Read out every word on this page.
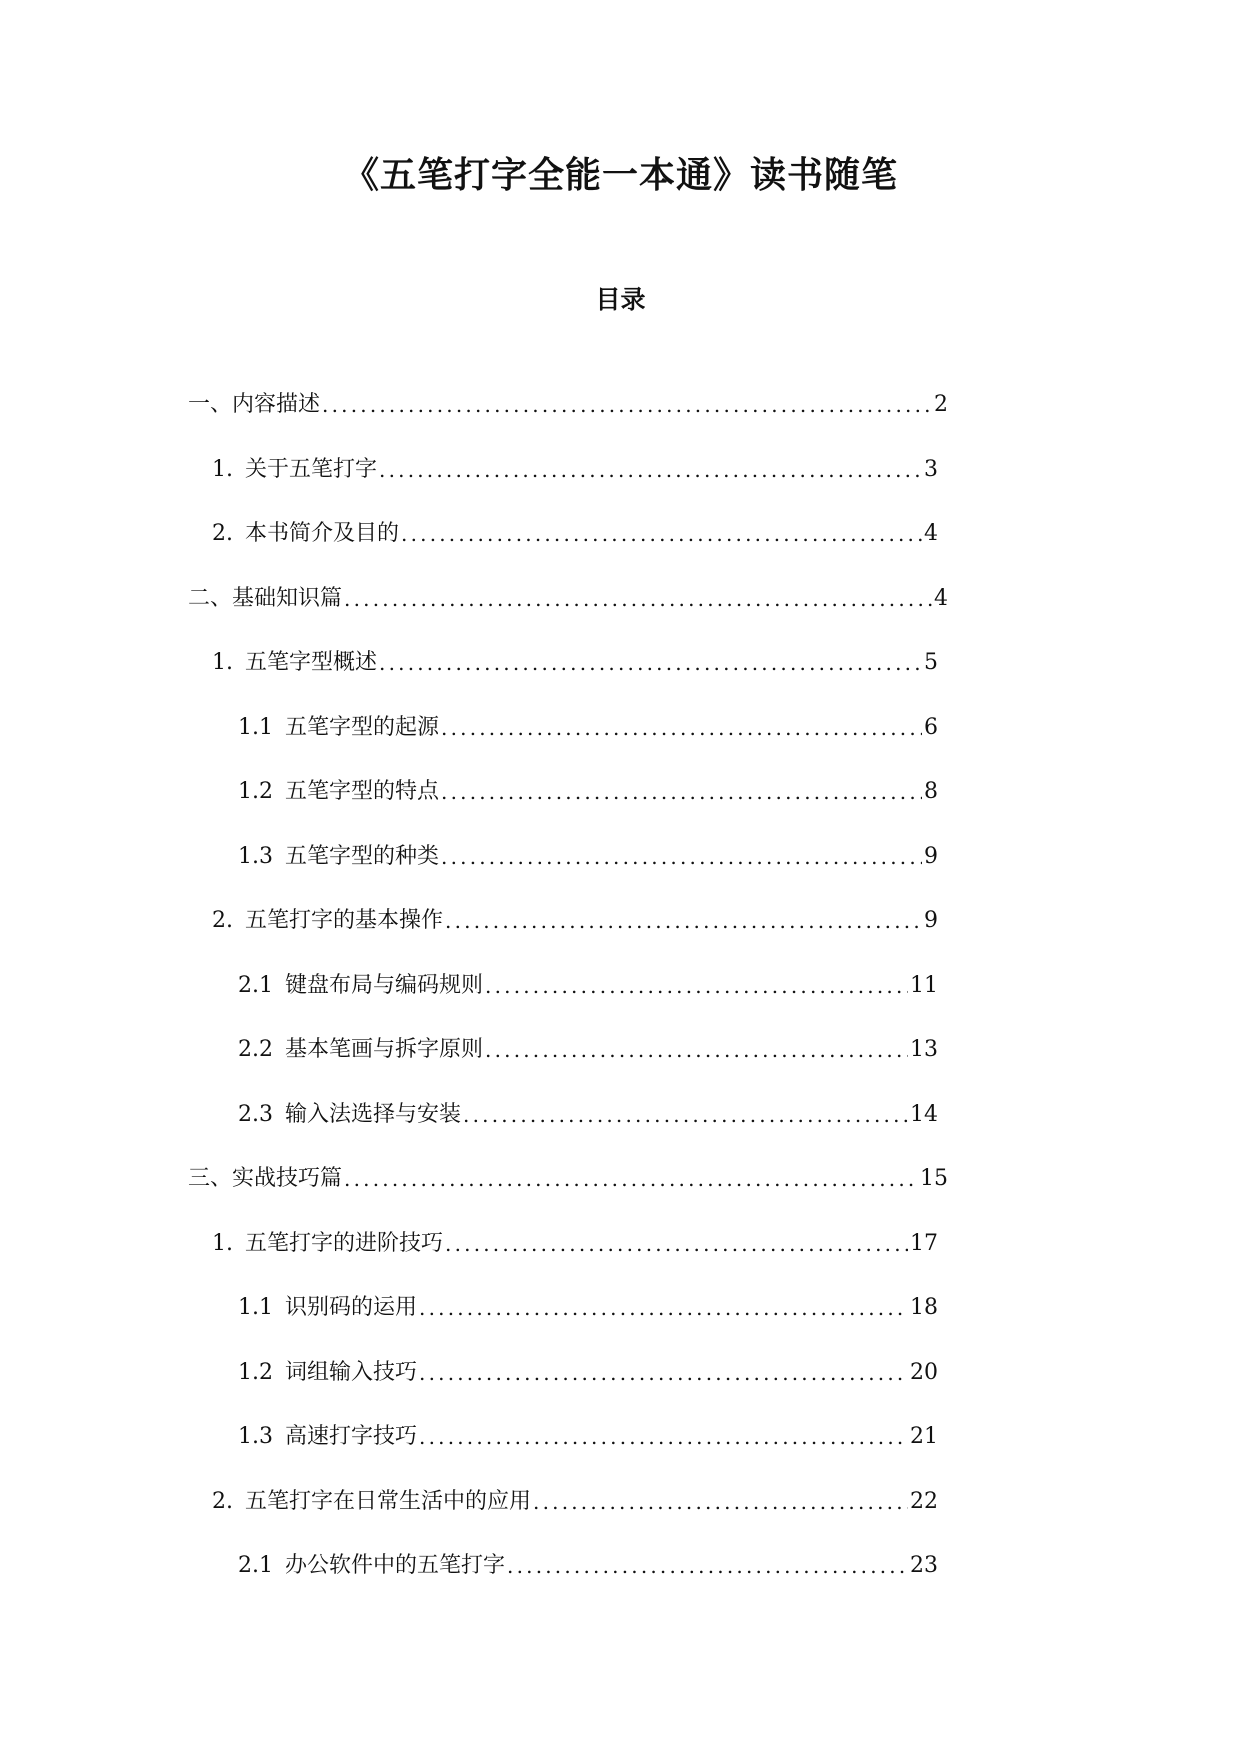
《五笔打字全能一本通》读书随笔
目录
一、 内容描述 .....	2
1. 关于五笔打字 .....	3
2. 本书简介及目的 .....	4
二、 基础知识篇 .....	4
1. 五笔字型概述 .....	5
1.1 五笔字型的起源 .....	6
1.2 五笔字型的特点 .....	8
1.3 五笔字型的种类 .....	9
2. 五笔打字的基本操作 .....	9
2.1 键盘布局与编码规则 .....	11
2.2 基本笔画与拆字原则 .....	13
2.3 输入法选择与安装 .....	14
三、 实战技巧篇 .....	15
1. 五笔打字的进阶技巧 .....	17
1.1 识别码的运用 .....	18
1.2 词组输入技巧 .....	20
1.3 高速打字技巧 .....	21
2. 五笔打字在日常生活中的应用 .....	22
2.1 办公软件中的五笔打字 .....	23
